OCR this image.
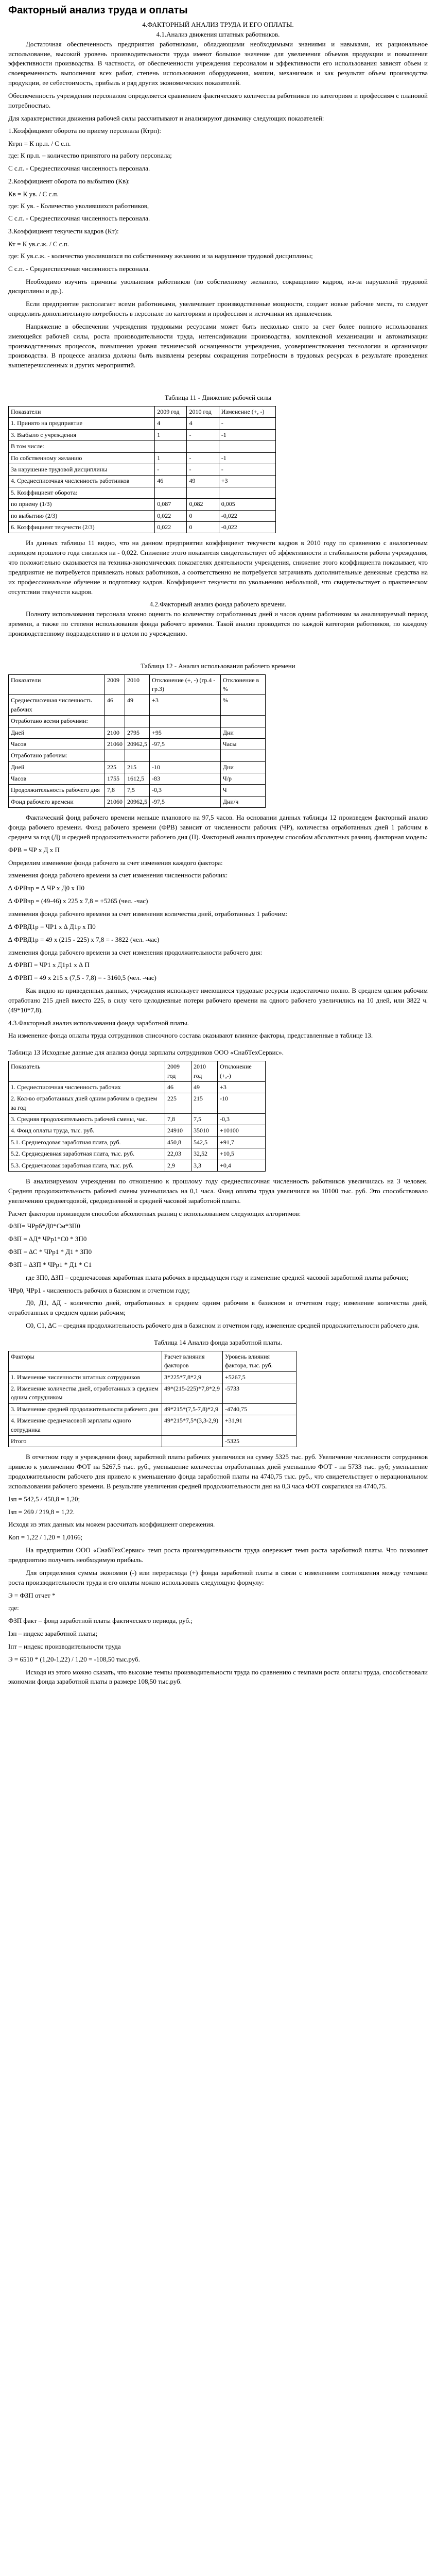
Факторный анализ труда и оплаты
4.ФАКТОРНЫЙ АНАЛИЗ ТРУДА И ЕГО ОПЛАТЫ.
4.1.Анализ движения штатных работников.

Достаточная обеспеченность предприятия работниками, обладающими необходимыми знаниями и навыками, их рациональное использование, высокий уровень производительности труда имеют большое значение для увеличения объемов продукции и повышения эффективности производства. В частности, от обеспеченности учреждения персоналом и эффективности его использования зависят объем и своевременность выполнения всех работ, степень использования оборудования, машин, механизмов и как результат объем производства продукции, ее себестоимость, прибыль и ряд других экономических показателей.

Обеспеченность учреждения персоналом определяется сравнением фактического количества работников по категориям и профессиям с плановой потребностью.

Для характеристики движения рабочей силы рассчитывают и анализируют динамику следующих показателей:

1.Коэффициент оборота по приему персонала (Ктрп):

Ктрп = К пр.п. / С с.п.

где: К пр.п. – количество принятого на работу персонала;

С с.п. - Среднесписочная численность персонала.

2.Коэффициент оборота по выбытию (Кв):

Кв = К ув. / С с.п.

где: К ув. - Количество уволившихся работников,

С с.п. - Среднесписочная численность персонала.

3.Коэффициент текучести кадров (Кт):

Кт = К ув.с.ж. / С с.п.

где: К ув.с.ж. - количество уволившихся по собственному желанию и за нарушение трудовой дисциплины;

С с.п. - Среднесписочная численность персонала.

Необходимо изучить причины увольнения работников (по собственному желанию, сокращению кадров, из-за нарушений трудовой дисциплины и др.).

Если предприятие располагает всеми работниками, увеличивает производственные мощности, создает новые рабочие места, то следует определить дополнительную потребность в персонале по категориям и профессиям и источники их привлечения.

Напряжение в обеспечении учреждения трудовыми ресурсами может быть несколько снято за счет более полного использования имеющейся рабочей силы, роста производительности труда, интенсификации производства, комплексной механизации и автоматизации производственных процессов, повышения уровня технической оснащенности учреждения, усовершенствования технологии и организации производства. В процессе анализа должны быть выявлены резервы сокращения потребности в трудовых ресурсах в результате проведения вышеперечисленных и других мероприятий.

Таблица 11 - Движение рабочей силы
Показатели	2009 год	2010 год	Изменение (+, -)
1. Принято на предприятие	4	4	-
3. Выбыло с учреждения	1	-	-1
В том числе:			
По собственному желанию	1	-	-1
За нарушение трудовой дисциплины	-	-	-
4. Среднесписочная численность работников	46	49	+3
5. Коэффициент оборота:			
по приему (1/3)	0,087	0,082	0,005
по выбытию (2/3)	0,022	0	-0,022
6. Коэффициент текучести (2/3)	0,022	0	-0,022

Из данных таблицы 11 видно, что на данном предприятии коэффициент текучести кадров в 2010 году по сравнению с аналогичным периодом прошлого года снизился на - 0,022. Снижение этого показателя свидетельствует об эффективности и стабильности работы учреждения, что положительно сказывается на техника-экономических показателях деятельности учреждения, снижение этого коэффициента показывает, что предприятие не потребуется привлекать новых работников, а соответственно не потребуется затрачивать дополнительные денежные средства на их профессиональное обучение и подготовку кадров. Коэффициент текучести по увольнению небольшой, что свидетельствует о практическом отсутствии текучести кадров.

4.2.Факторный анализ фонда рабочего времени.

Полноту использования персонала можно оценить по количеству отработанных дней и часов одним работником за анализируемый период времени, а также по степени использования фонда рабочего времени. Такой анализ проводится по каждой категории работников, по каждому производственному подразделению и в целом по учреждению.

Таблица 12 - Анализ использования рабочего времени
Показатели	2009	2010	Отклонение (+, -) (гр.4 - гр.3)	Отклонение в %
Среднесписочная численность рабочих	46	49	+3	%
Отработано всеми рабочими:				
Дней	2100	2795	+95	Дни
Часов	21060	20962,5	-97,5	Часы
Отработано рабочим:				
Дней	225	215	-10	Дни
Часов	1755	1612,5	-83	Ч/р
Продолжительность рабочего дня	7,8	7,5	-0,3	Ч
Фонд рабочего времени	21060	20962,5	-97,5	Дни/ч

Фактический фонд рабочего времени меньше планового на 97,5 часов. На основании данных таблицы 12 произведем факторный анализ фонда рабочего времени. Фонд рабочего времени (ФРВ) зависит от численности рабочих (ЧР), количества отработанных дней 1 рабочим в среднем за год (Д) и средней продолжительности рабочего дня (П). Факторный анализ проведем способом абсолютных разниц, факторная модель:

ФРВ = ЧР х Д х П

Определим изменение фонда рабочего за счет изменения каждого фактора:

изменения фонда рабочего времени за счет изменения численности рабочих:

∆ ФРВчр = ∆ ЧР х Д0 х П0

∆ ФРВчр = (49-46) х 225 х 7,8 = +5265 (чел. -час)

изменения фонда рабочего времени за счет изменения количества дней, отработанных 1 рабочим:

∆ ФРВД1р = ЧР1 х ∆ Д1р х П0

∆ ФРВД1р = 49 х (215 - 225) х 7,8 = - 3822 (чел. -час)

изменения фонда рабочего времени за счет изменения продолжительности рабочего дня:

∆ ФРВП = ЧР1 х Д1р1 х ∆ П

∆ ФРВП = 49 х 215 х (7,5 - 7,8) = - 3160,5 (чел. -час)

Как видно из приведенных данных, учреждения использует имеющиеся трудовые ресурсы недостаточно полно. В среднем одним рабочим отработано 215 дней вместо 225, в силу чего целодневные потери рабочего времени на одного рабочего увеличились на 10 дней, или 3822 ч. (49*10*7,8).

4.3.Факторный анализ использования фонда заработной платы.

На изменение фонда оплаты труда сотрудников списочного состава оказывают влияние факторы, представленные в таблице 13.

Таблица 13 Исходные данные для анализа фонда зарплаты сотрудников ООО «СнабТехСервис».
Показатель	2009 год	2010 год	Отклонение (+,-)
1. Среднесписочная численность рабочих	46	49	+3
2. Кол-во отработанных дней одним рабочим в среднем за год	225	215	-10
3. Средняя продолжительность рабочей смены, час.	7,8	7,5	-0,3
4. Фонд оплаты труда, тыс. руб.	24910	35010	+10100
5.1. Среднегодовая заработная плата, руб.	450,8	542,5	+91,7
5.2. Среднедневная заработная плата, тыс. руб.	22,03	32,52	+10,5
5.3. Среднечасовая заработная плата, тыс. руб.	2,9	3,3	+0,4

В анализируемом учреждении по отношению к прошлому году среднесписочная численность работников увеличилась на 3 человек. Средняя продолжительность рабочей смены уменьшилась на 0,1 часа. Фонд оплаты труда увеличился на 10100 тыс. руб. Это способствовало увеличению среднегодовой, среднедневной и средней часовой заработной платы.

Расчет факторов произведем способом абсолютных разниц с использованием следующих алгоритмов:

ФЗП= ЧРрб*Д0*См*ЗП0

ФЗП = ∆Д* ЧРр1*С0 * ЗП0

ФЗП = ∆С * ЧРр1 * Д1 * ЗП0

ФЗП = ∆ЗП * ЧРр1 * Д1 * С1

где ЗП0, ∆ЗП – среднечасовая заработная плата рабочих в предыдущем году и изменение средней часовой заработной платы рабочих;

ЧРр0, ЧРр1 - численность рабочих в базисном и отчетном году;

Д0, Д1, ∆Д - количество дней, отработанных в среднем одним рабочим в базисном и отчетном году; изменение количества дней, отработанных в среднем одним рабочим;

С0, С1, ∆С – средняя продолжительность рабочего дня в базисном и отчетном году, изменение средней продолжительности рабочего дня.

Таблица 14 Анализ фонда заработной платы.
Факторы	Расчет влияния факторов	Уровень влияния фактора, тыс. руб.
1. Изменение численности штатных сотрудников	3*225*7,8*2,9	+5267,5
2. Изменение количества дней, отработанных в среднем одним сотрудником	49*(215-225)*7,8*2,9	-5733
3. Изменение средней продолжительности рабочего дня	49*215*(7,5-7,8)*2,9	-4740,75
4. Изменение среднечасовой зарплаты одного сотрудника	49*215*7,5*(3,3-2,9)	+31,91
Итого		-5325

В отчетном году в учреждении фонд заработной платы рабочих увеличился на сумму 5325 тыс. руб. Увеличение численности сотрудников привело к увеличению ФОТ на 5267,5 тыс. руб., уменьшение количества отработанных дней уменьшило ФОТ - на 5733 тыс. руб; уменьшение продолжительности рабочего дня привело к уменьшению фонда заработной платы на 4740,75 тыс. руб., что свидетельствует о нерациональном использовании рабочего времени. В результате увеличения средней продолжительности дня на 0,3 часа ФОТ сократился на 4740,75.

Iзп = 542,5 / 450,8 = 1,20;

Iзп = 269 / 219,8 = 1,22.

Исходя из этих данных мы можем рассчитать коэффициент опережения.

Коп = 1,22 / 1,20 = 1,0166;

На предприятии ООО «СнабТехСервис» темп роста производительности труда опережает темп роста заработной платы. Что позволяет предприятию получить необходимую прибыль.

Для определения суммы экономии (-) или перерасхода (+) фонда заработной платы в связи с изменением соотношения между темпами роста производительности труда и его оплаты можно использовать следующую формулу:

Э = ФЗП отчет *

где:

ФЗП факт – фонд заработной платы фактического периода, руб.;

Iзп – индекс заработной платы;

Iпт – индекс производительности труда

Э = 6510 * (1,20-1,22) / 1,20 = -108,50 тыс.руб.

Исходя из этого можно сказать, что высокие темпы производительности труда по сравнению с темпами роста оплаты труда, способствовали экономии фонда заработной платы в размере 108,50 тыс.руб.
